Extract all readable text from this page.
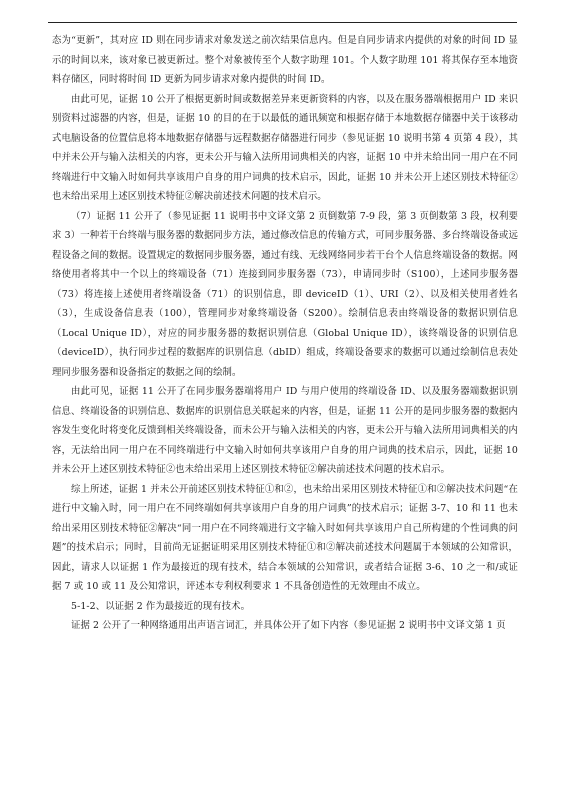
态为“更新”，其对应 ID 则在同步请求对象发送之前次结果信息内。但是自同步请求内提供的对象的时间 ID 显示的时间以来，该对象已被更新过。整个对象被传至个人数字助理 101。个人数字助理 101 将其保存至本地资料存储区，同时将时间 ID 更新为同步请求对象内提供的时间 ID。

由此可见，证据 10 公开了根据更新时间或数据差异来更新资料的内容，以及在服务器端根据用户 ID 来识别资料过滤器的内容，但是，证据 10 的目的在于以最低的通讯频宽和根据存储于本地数据存储器中关于该移动式电脑设备的位置信息将本地数据存储器与远程数据存储器进行同步（参见证据 10 说明书第 4 页第 4 段），其中并未公开与输入法相关的内容，更未公开与输入法所用词典相关的内容，证据 10 中并未给出同一用户在不同终端进行中文输入时如何共享该用户自身的用户词典的技术启示，因此，证据 10 并未公开上述区别技术特征②也未给出采用上述区别技术特征②解决前述技术问题的技术启示。

（7）证据 11 公开了（参见证据 11 说明书中文译文第 2 页倒数第 7-9 段，第 3 页倒数第 3 段，权利要求 3）一种若干台终端与服务器的数据同步方法，通过修改信息的传输方式，可同步服务器、多台终端设备或远程设备之间的数据。设置规定的数据同步服务器，通过有线、无线网络同步若干台个人信息终端设备的数据。网络使用者将其中一个以上的终端设备（71）连接到同步服务器（73），申请同步时（S100），上述同步服务器（73）将连接上述使用者终端设备（71）的识别信息，即 deviceID（1）、URI（2）、以及相关使用者姓名（3），生成设备信息表（100），管理同步对象终端设备（S200）。绘制信息表由终端设备的数据识别信息（Local Unique ID），对应的同步服务器的数据识别信息（Global Unique ID），该终端设备的识别信息（deviceID），执行同步过程的数据库的识别信息（dbID）组成，终端设备要求的数据可以通过绘制信息表处理同步服务器和设备指定的数据之间的绘制。

由此可见，证据 11 公开了在同步服务器端将用户 ID 与用户使用的终端设备 ID、以及服务器端数据识别信息、终端设备的识别信息、数据库的识别信息关联起来的内容，但是，证据 11 公开的是同步服务器的数据内容发生变化时将变化反馈到相关终端设备，而未公开与输入法相关的内容，更未公开与输入法所用词典相关的内容，无法给出同一用户在不同终端进行中文输入时如何共享该用户自身的用户词典的技术启示，因此，证据 10 并未公开上述区别技术特征②也未给出采用上述区别技术特征②解决前述技术问题的技术启示。

综上所述，证据 1 并未公开前述区别技术特征①和②，也未给出采用区别技术特征①和②解决技术问题“在进行中文输入时，同一用户在不同终端如何共享该用户自身的用户词典”的技术启示；证据 3-7、10 和 11 也未给出采用区别技术特征②解决“同一用户在不同终端进行文字输入时如何共享该用户自己所构建的个性词典的问题”的技术启示；同时，目前尚无证据证明采用区别技术特征①和②解决前述技术问题属于本领域的公知常识，因此，请求人以证据 1 作为最接近的现有技术，结合本领域的公知常识，或者结合证据 3-6、10 之一和/或证据 7 或 10 或 11 及公知常识，评述本专利权利要求 1 不具备创造性的无效理由不成立。

5-1-2、以证据 2 作为最接近的现有技术。

证据 2 公开了一种网络通用出声语言词汇，并具体公开了如下内容（参见证据 2 说明书中文译文第 1 页
